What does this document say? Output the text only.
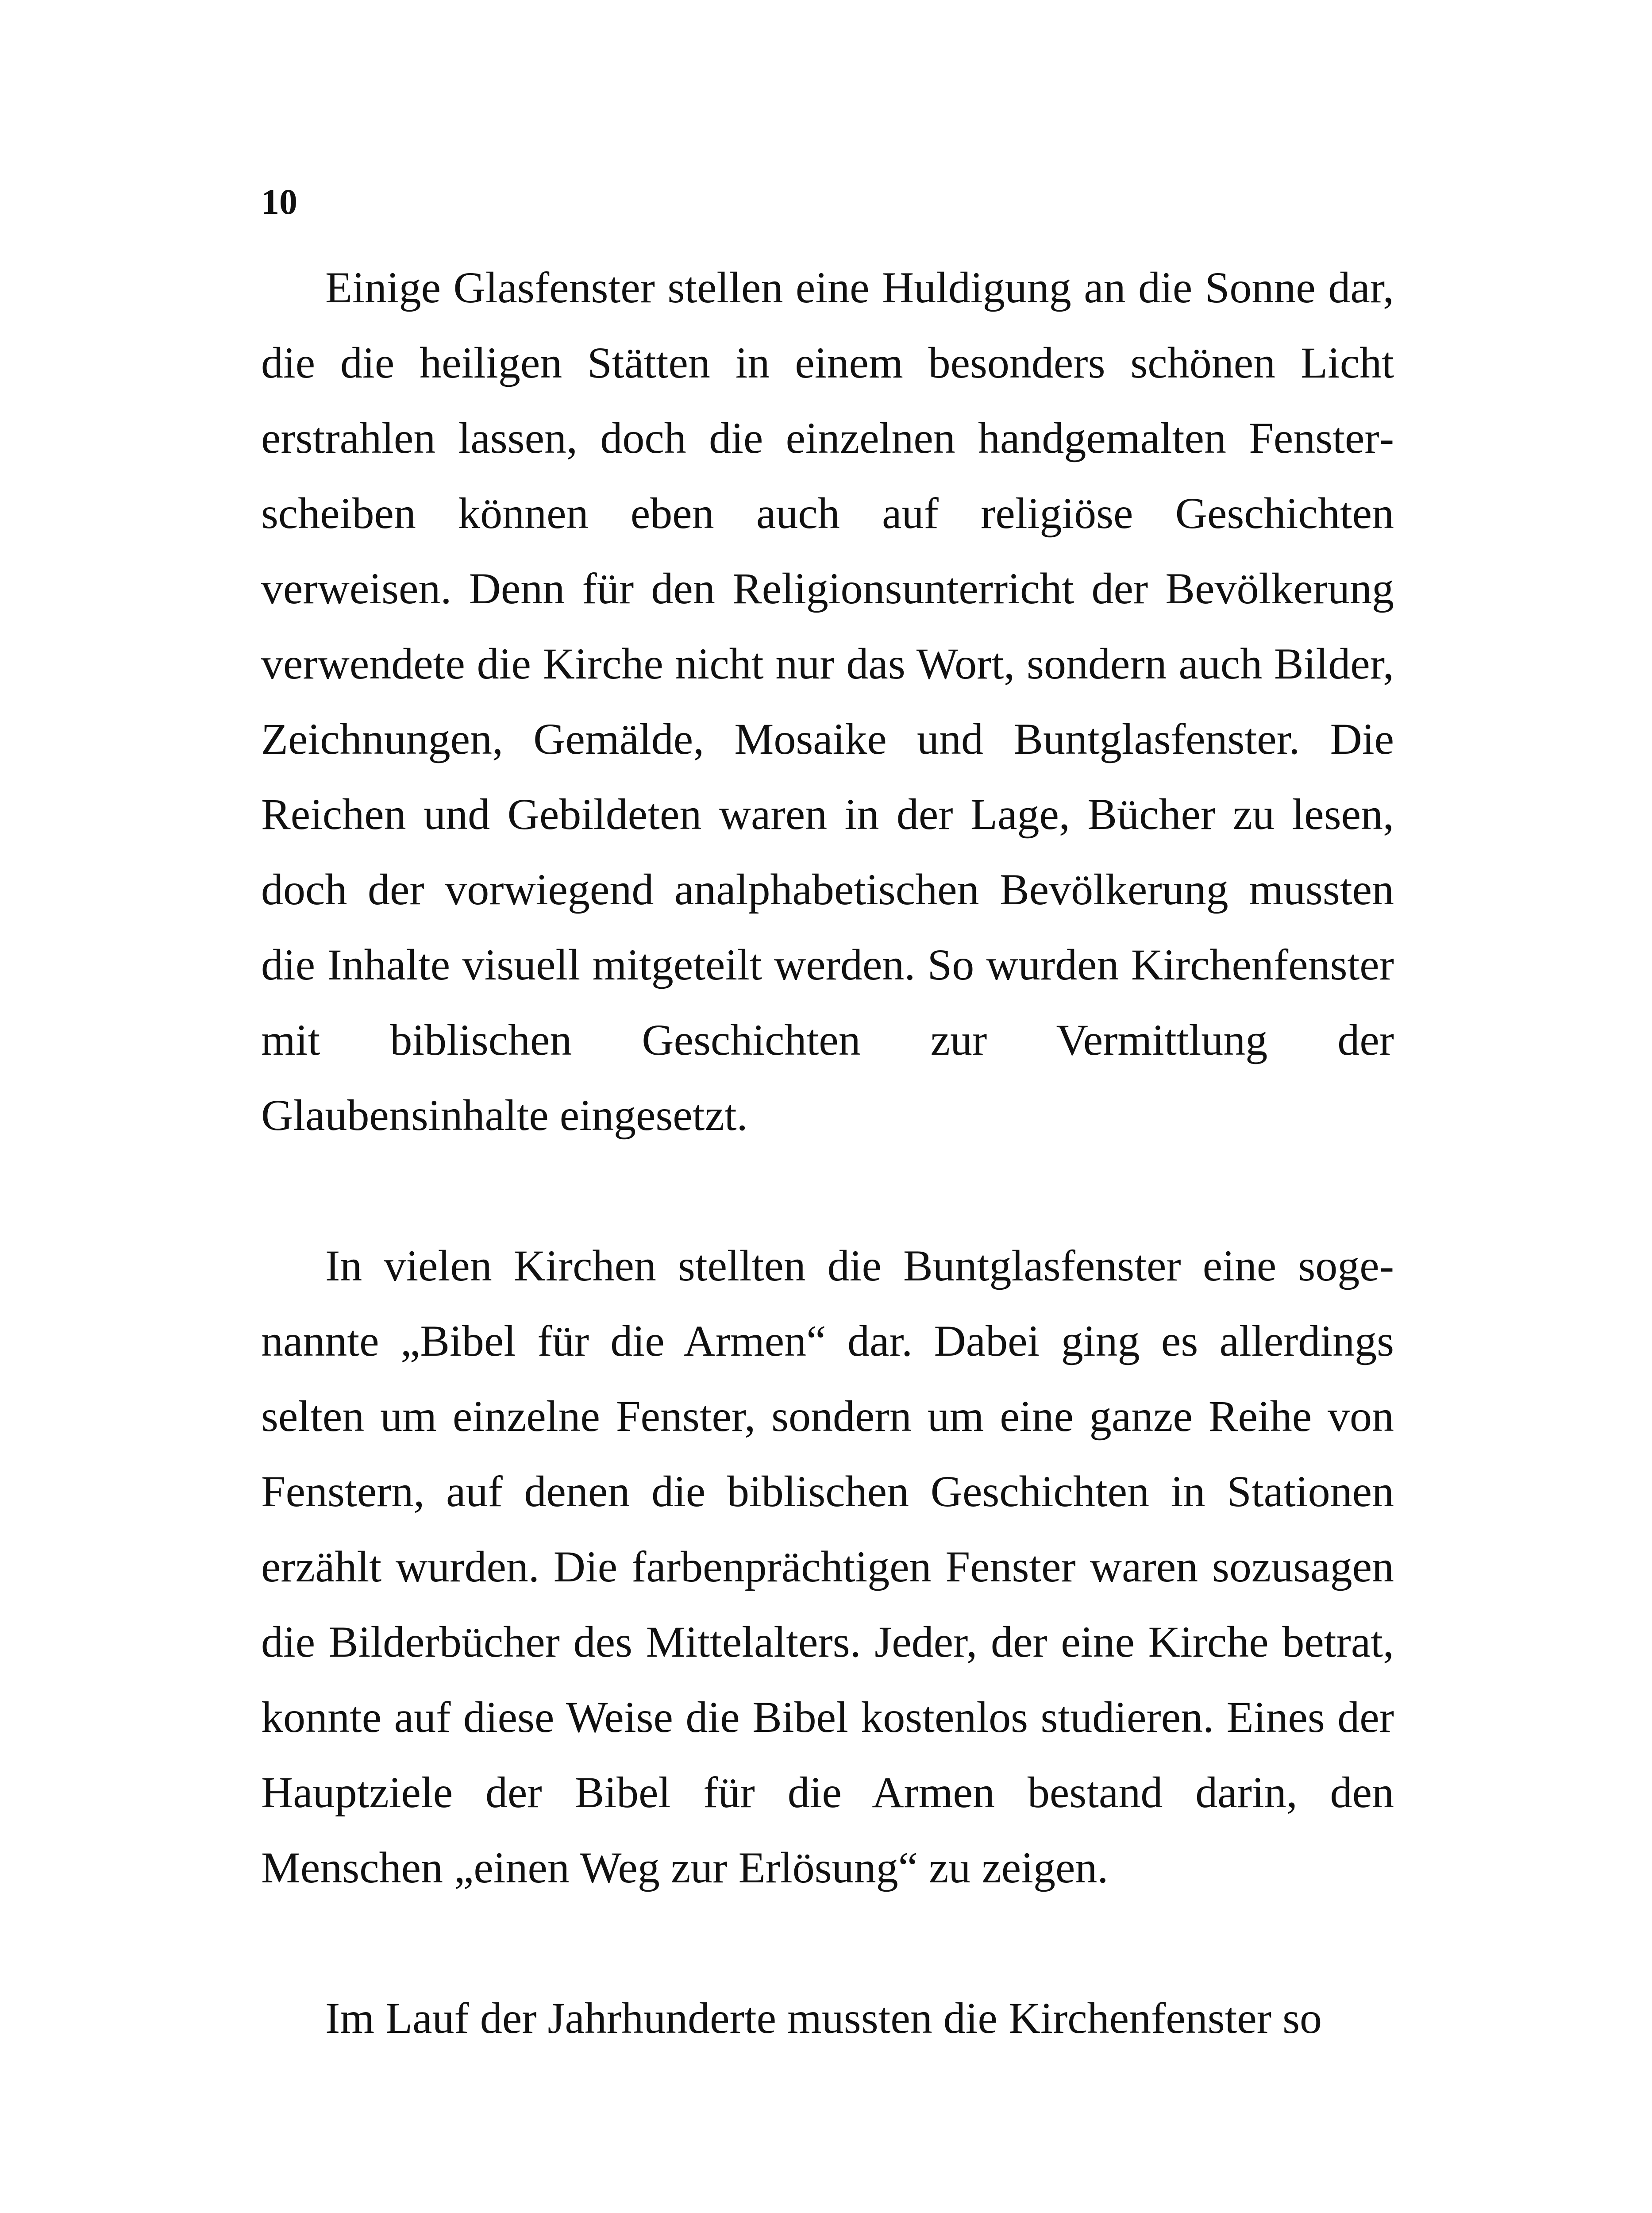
10

Einige Glasfenster stellen eine Huldigung an die Sonne dar, die die heiligen Stätten in einem besonders schönen Licht erstrahlen lassen, doch die einzelnen handgemalten Fensterscheiben können eben auch auf religiöse Geschichten verweisen. Denn für den Religionsunterricht der Bevölkerung verwendete die Kirche nicht nur das Wort, sondern auch Bilder, Zeichnungen, Gemälde, Mosaike und Buntglasfenster. Die Reichen und Gebildeten waren in der Lage, Bücher zu lesen, doch der vorwiegend analphabetischen Bevölkerung mussten die Inhalte visuell mitgeteilt werden. So wurden Kirchenfenster mit biblischen Geschichten zur Vermittlung der Glaubensinhalte eingesetzt.

In vielen Kirchen stellten die Buntglasfenster eine sogenannte „Bibel für die Armen“ dar. Dabei ging es allerdings selten um einzelne Fenster, sondern um eine ganze Reihe von Fenstern, auf denen die biblischen Geschichten in Stationen erzählt wurden. Die farbenprächtigen Fenster waren sozusagen die Bilderbücher des Mittelalters. Jeder, der eine Kirche betrat, konnte auf diese Weise die Bibel kostenlos studieren. Eines der Hauptziele der Bibel für die Armen bestand darin, den Menschen „einen Weg zur Erlösung“ zu zeigen.

Im Lauf der Jahrhunderte mussten die Kirchenfenster so
